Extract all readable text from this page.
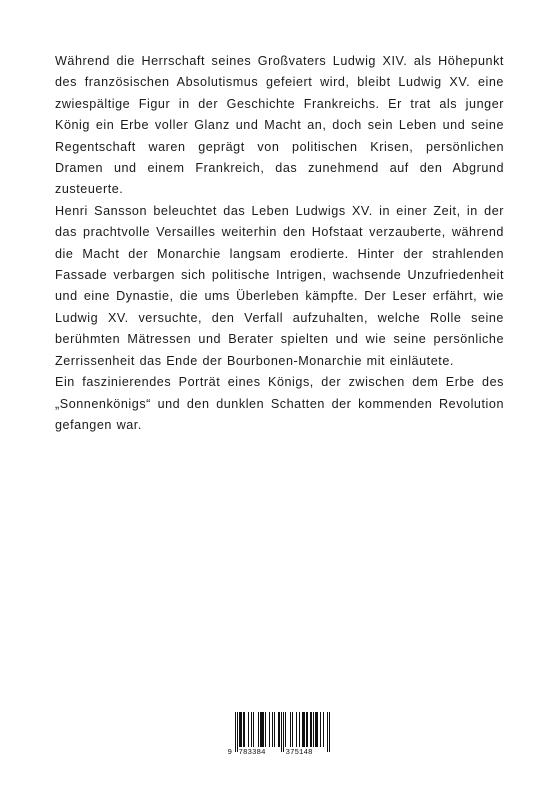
Während die Herrschaft seines Großvaters Ludwig XIV. als Höhepunkt des französischen Absolutismus gefeiert wird, bleibt Ludwig XV. eine zwiespältige Figur in der Geschichte Frankreichs. Er trat als junger König ein Erbe voller Glanz und Macht an, doch sein Leben und seine Regentschaft waren geprägt von politischen Krisen, persönlichen Dramen und einem Frankreich, das zunehmend auf den Abgrund zusteuerte.

Henri Sansson beleuchtet das Leben Ludwigs XV. in einer Zeit, in der das prachtvolle Versailles weiterhin den Hofstaat verzauberte, während die Macht der Monarchie langsam erodierte. Hinter der strahlenden Fassade verbargen sich politische Intrigen, wachsende Unzufriedenheit und eine Dynastie, die ums Überleben kämpfte. Der Leser erfährt, wie Ludwig XV. versuchte, den Verfall aufzuhalten, welche Rolle seine berühmten Mätressen und Berater spielten und wie seine persönliche Zerrissenheit das Ende der Bourbonen-Monarchie mit einläutete.

Ein faszinierendes Porträt eines Königs, der zwischen dem Erbe des „Sonnenkönigs“ und den dunklen Schatten der kommenden Revolution gefangen war.

9 783384	375148
